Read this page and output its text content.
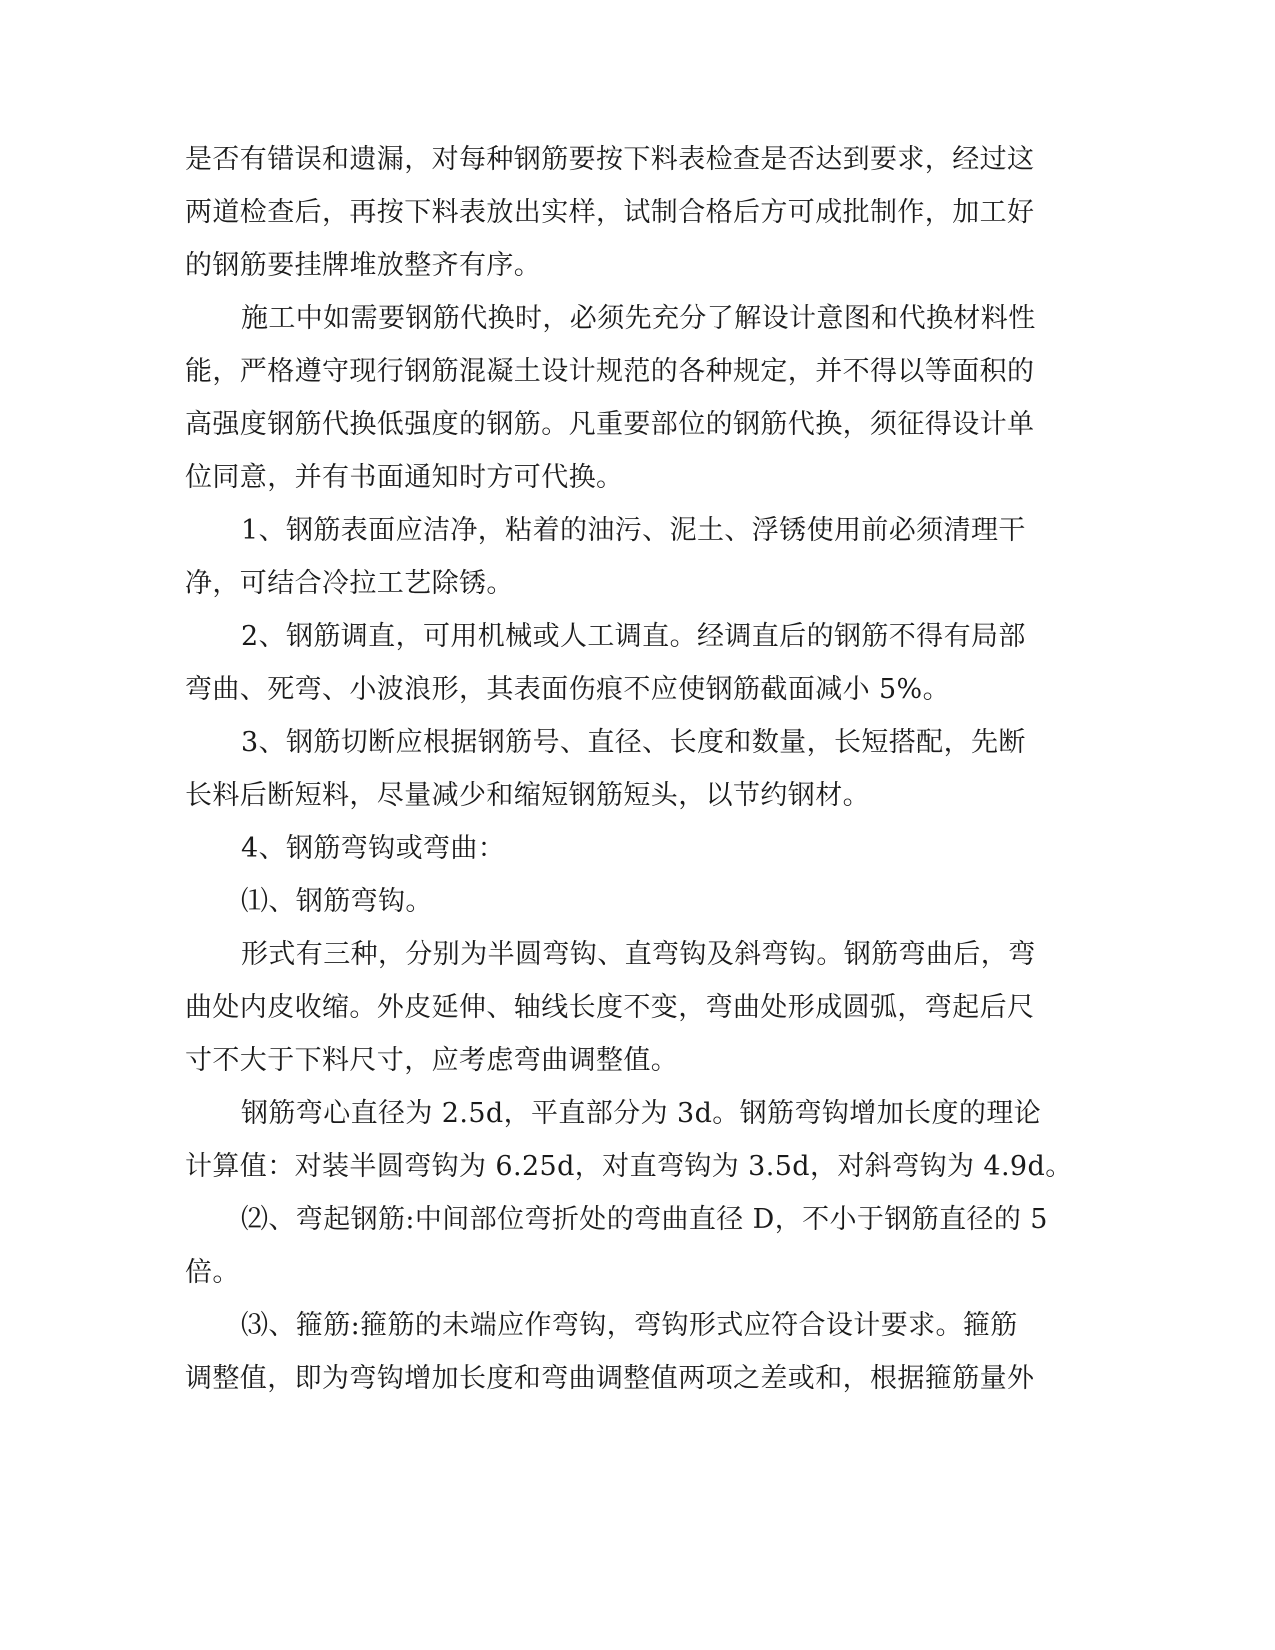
是否有错误和遗漏，对每种钢筋要按下料表检查是否达到要求，经过这
两道检查后，再按下料表放出实样，试制合格后方可成批制作，加工好
的钢筋要挂牌堆放整齐有序。
施工中如需要钢筋代换时，必须先充分了解设计意图和代换材料性
能，严格遵守现行钢筋混凝土设计规范的各种规定，并不得以等面积的
高强度钢筋代换低强度的钢筋。凡重要部位的钢筋代换，须征得设计单
位同意，并有书面通知时方可代换。
1、钢筋表面应洁净，粘着的油污、泥土、浮锈使用前必须清理干
净，可结合冷拉工艺除锈。
2、钢筋调直，可用机械或人工调直。经调直后的钢筋不得有局部
弯曲、死弯、小波浪形，其表面伤痕不应使钢筋截面减小 5%。
3、钢筋切断应根据钢筋号、直径、长度和数量，长短搭配，先断
长料后断短料，尽量减少和缩短钢筋短头，以节约钢材。
4、钢筋弯钩或弯曲：
⑴、钢筋弯钩。
形式有三种，分别为半圆弯钩、直弯钩及斜弯钩。钢筋弯曲后，弯
曲处内皮收缩。外皮延伸、轴线长度不变，弯曲处形成圆弧，弯起后尺
寸不大于下料尺寸，应考虑弯曲调整值。
钢筋弯心直径为 2.5d，平直部分为 3d。钢筋弯钩增加长度的理论
计算值：对装半圆弯钩为 6.25d，对直弯钩为 3.5d，对斜弯钩为 4.9d。
⑵、弯起钢筋:中间部位弯折处的弯曲直径 D，不小于钢筋直径的 5
倍。
⑶、箍筋:箍筋的未端应作弯钩，弯钩形式应符合设计要求。箍筋
调整值，即为弯钩增加长度和弯曲调整值两项之差或和，根据箍筋量外
